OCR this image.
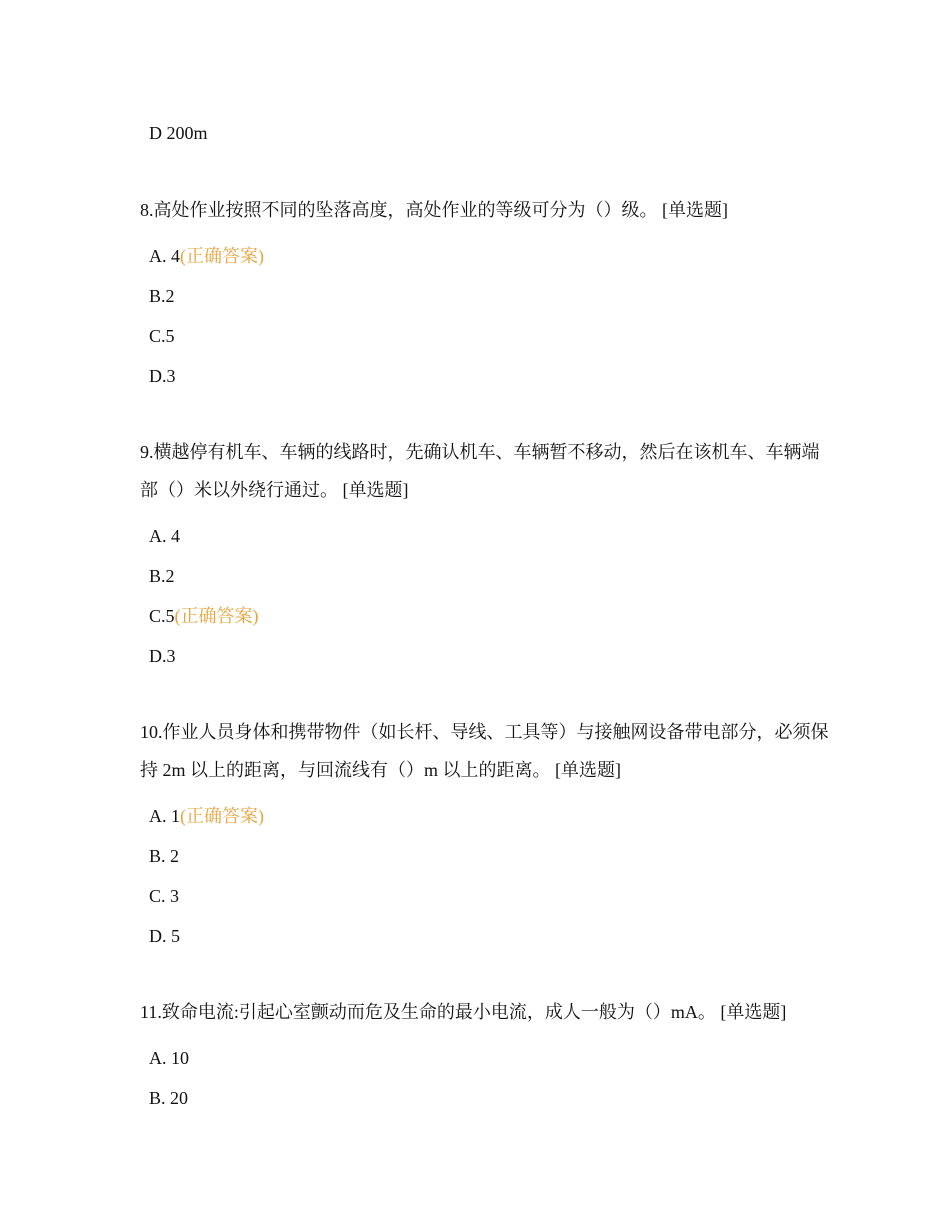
D 200m
8.高处作业按照不同的坠落高度，高处作业的等级可分为（）级。 [单选题]
A. 4(正确答案)
B.2
C.5
D.3
9.横越停有机车、车辆的线路时，先确认机车、车辆暂不移动，然后在该机车、车辆端部（）米以外绕行通过。 [单选题]
A. 4
B.2
C.5(正确答案)
D.3
10.作业人员身体和携带物件（如长杆、导线、工具等）与接触网设备带电部分，必须保持 2m 以上的距离，与回流线有（）m 以上的距离。 [单选题]
A. 1(正确答案)
B. 2
C. 3
D. 5
11.致命电流:引起心室颤动而危及生命的最小电流，成人一般为（）mA。 [单选题]
A. 10
B. 20
